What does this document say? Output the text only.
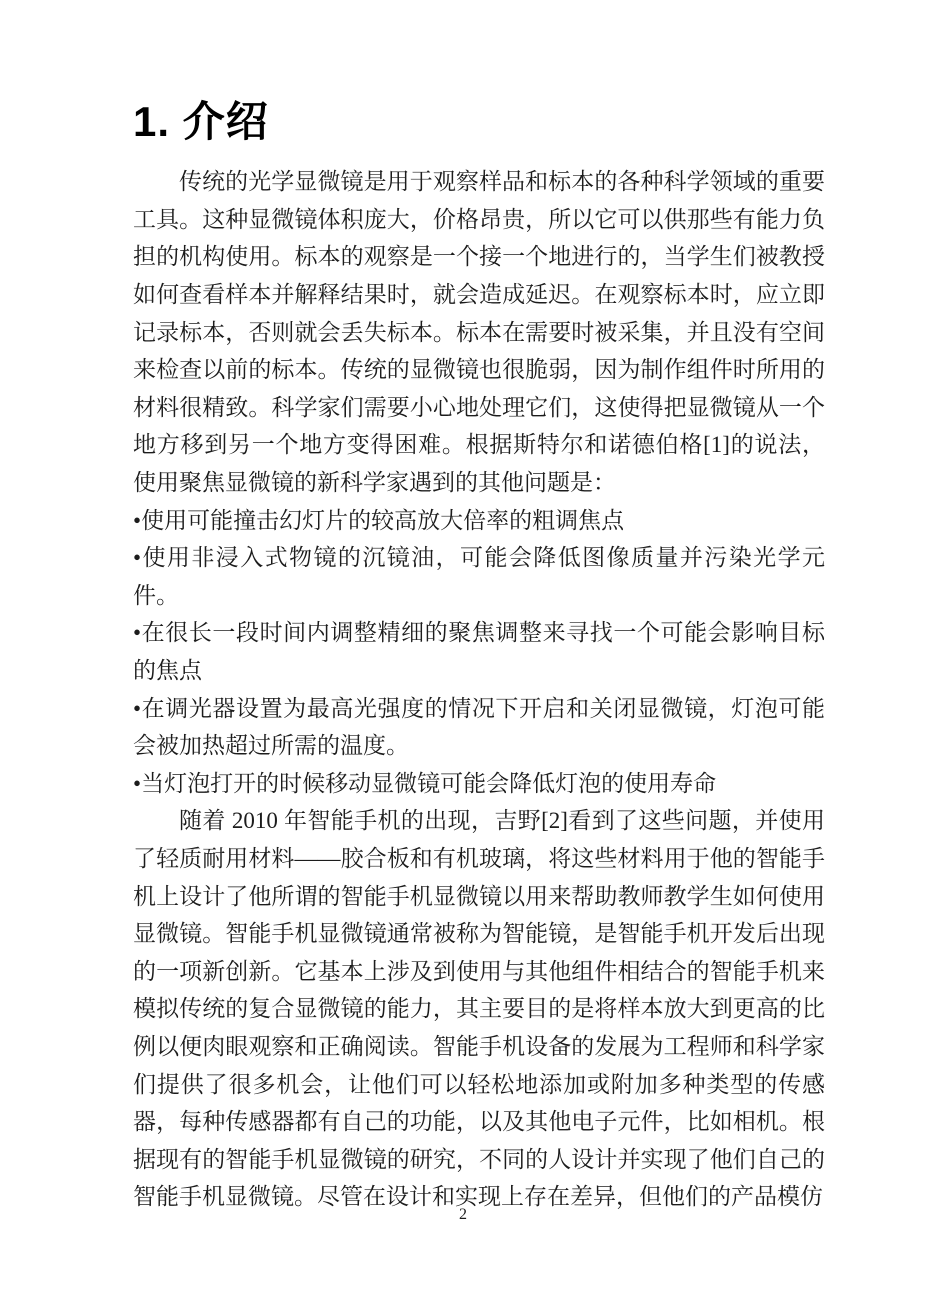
1. 介绍

传统的光学显微镜是用于观察样品和标本的各种科学领域的重要工具。这种显微镜体积庞大，价格昂贵，所以它可以供那些有能力负担的机构使用。标本的观察是一个接一个地进行的，当学生们被教授如何查看样本并解释结果时，就会造成延迟。在观察标本时，应立即记录标本，否则就会丢失标本。标本在需要时被采集，并且没有空间来检查以前的标本。传统的显微镜也很脆弱，因为制作组件时所用的材料很精致。科学家们需要小心地处理它们，这使得把显微镜从一个地方移到另一个地方变得困难。根据斯特尔和诺德伯格[1]的说法，使用聚焦显微镜的新科学家遇到的其他问题是：

•使用可能撞击幻灯片的较高放大倍率的粗调焦点
•使用非浸入式物镜的沉镜油，可能会降低图像质量并污染光学元件。
•在很长一段时间内调整精细的聚焦调整来寻找一个可能会影响目标的焦点
•在调光器设置为最高光强度的情况下开启和关闭显微镜，灯泡可能会被加热超过所需的温度。
•当灯泡打开的时候移动显微镜可能会降低灯泡的使用寿命

随着 2010 年智能手机的出现，吉野[2]看到了这些问题，并使用了轻质耐用材料——胶合板和有机玻璃，将这些材料用于他的智能手机上设计了他所谓的智能手机显微镜以用来帮助教师教学生如何使用显微镜。智能手机显微镜通常被称为智能镜，是智能手机开发后出现的一项新创新。它基本上涉及到使用与其他组件相结合的智能手机来模拟传统的复合显微镜的能力，其主要目的是将样本放大到更高的比例以便肉眼观察和正确阅读。智能手机设备的发展为工程师和科学家们提供了很多机会，让他们可以轻松地添加或附加多种类型的传感器，每种传感器都有自己的功能，以及其他电子元件，比如相机。根据现有的智能手机显微镜的研究，不同的人设计并实现了他们自己的智能手机显微镜。尽管在设计和实现上存在差异，但他们的产品模仿

2
